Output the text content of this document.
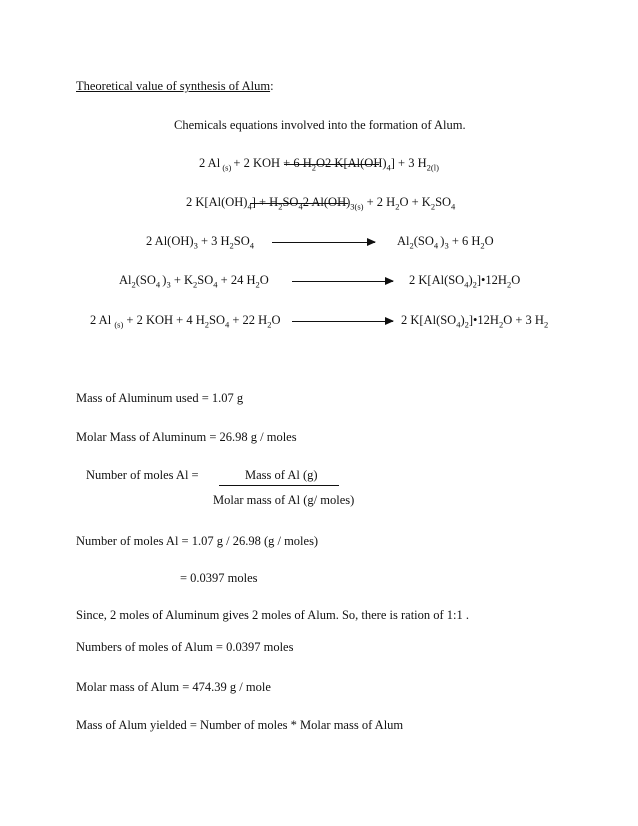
Theoretical value of synthesis of Alum:
Chemicals equations involved into the formation of Alum.
2 Al $_{(s)}$ + 2 KOH + 6 $H_2O2$ $K[Al(OH)_4] + 3$ $H_{2(l)}$
2 $K[Al(OH)_4] + H_2SO_42$ $Al(OH)_{3(s)} + 2$ $H_2O + K_2SO_4$
2 $Al(OH)_3 + 3$ $H_2SO_4$	$Al_2(SO_4$ )$_3 + 6$ $H_2O$
$Al_2(SO_4$ )$_3 + K_2SO_4 + 24$ $H_2O$	2 $K[Al(SO_4)_2]•12H_2O$
2 Al $_{(s)}$ + 2 KOH + 4 $H_2SO_4 + 22$ $H_2O$	2 $K[Al(SO_4)_2]•12H_2O + 3$ $H_2$
Mass of Aluminum used = 1.07 g
Molar Mass of Aluminum = 26.98 g / moles
Number of moles Al =	Mass of Al (g)
Molar mass of Al (g/ moles)
Number of moles Al = 1.07 g / 26.98 (g / moles)
= 0.0397 moles
Since, 2 moles of Aluminum gives 2 moles of Alum. So, there is ration of 1:1 .
Numbers of moles of Alum = 0.0397 moles
Molar mass of Alum = 474.39 g / mole
Mass of Alum yielded = Number of moles * Molar mass of Alum
